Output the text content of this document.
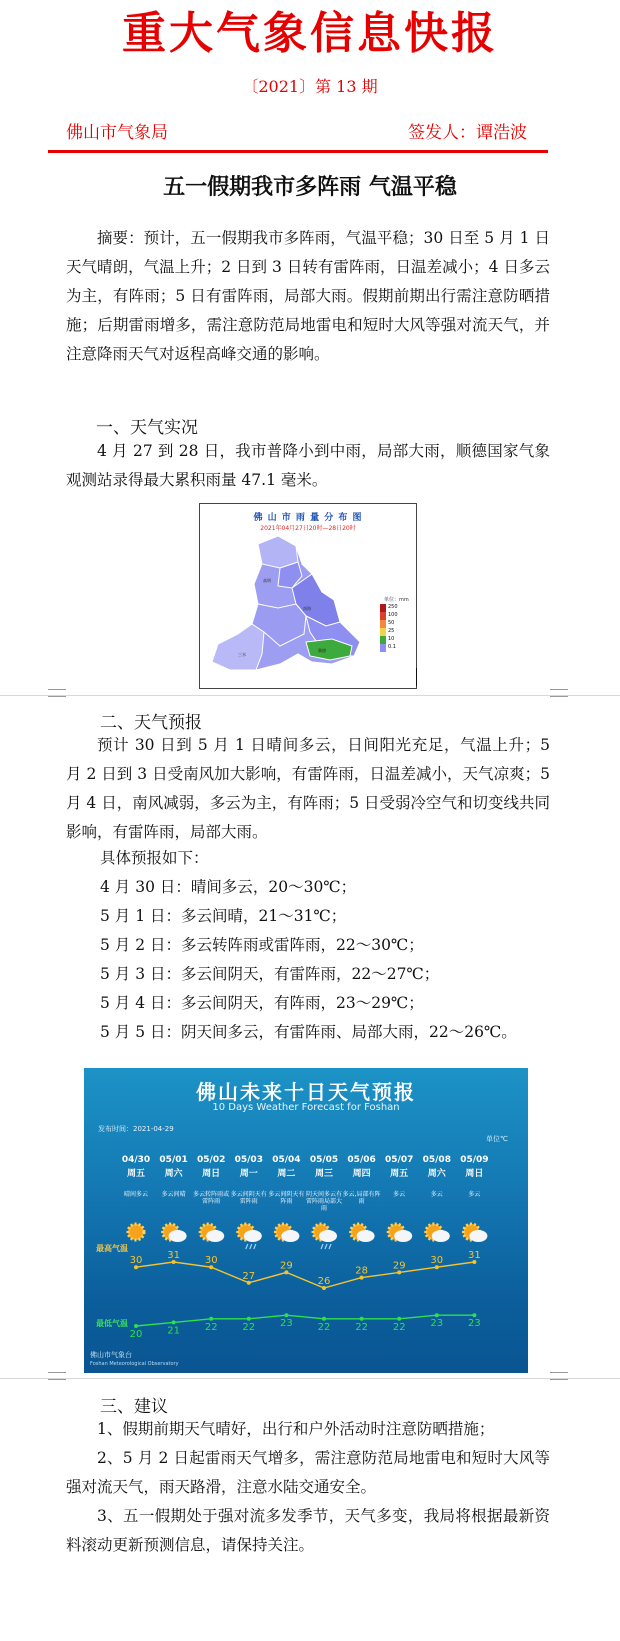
重大气象信息快报
〔2021〕第 13 期
佛山市气象局	签发人：谭浩波
五一假期我市多阵雨 气温平稳

摘要：预计，五一假期我市多阵雨，气温平稳；30 日至 5 月 1 日天气晴朗，气温上升；2 日到 3 日转有雷阵雨，日温差减小；4 日多云为主，有阵雨；5 日有雷阵雨，局部大雨。假期前期出行需注意防晒措施；后期雷雨增多，需注意防范局地雷电和短时大风等强对流天气，并注意降雨天气对返程高峰交通的影响。

一、天气实况

4 月 27 到 28 日，我市普降小到中雨，局部大雨，顺德国家气象观测站录得最大累积雨量 47.1 毫米。

佛 山 市 雨 量 分 布 图
2021年04月27日20时—28日20时
高明
南海
三水
顺德
单位：mm
250
100
50
25
10
0.1
二、天气预报

预计 30 日到 5 月 1 日晴间多云，日间阳光充足，气温上升；5 月 2 日到 3 日受南风加大影响，有雷阵雨，日温差减小，天气凉爽；5 月 4 日，南风减弱，多云为主，有阵雨；5 日受弱冷空气和切变线共同影响，有雷阵雨，局部大雨。

具体预报如下：
4 月 30 日：晴间多云，20～30℃；
5 月 1 日：多云间晴，21～31℃；
5 月 2 日：多云转阵雨或雷阵雨，22～30℃；
5 月 3 日：多云间阴天，有雷阵雨，22～27℃；
5 月 4 日：多云间阴天，有阵雨，23～29℃；
5 月 5 日：阴天间多云，有雷阵雨、局部大雨，22～26℃。
佛山未来十日天气预报
10 Days Weather Forecast for Foshan
发布时间：2021-04-29
单位℃
04/30
周五
晴间多云
05/01
周六
多云间晴
05/02
周日
多云转阵雨或雷阵雨
05/03
周一
多云间阴天有雷阵雨
05/04
周二
多云间阴天有阵雨
05/05
周三
阴天间多云有雷阵雨局部大雨
05/06
周四
多云,局部有阵雨
05/07
周五
多云
05/08
周六
多云
05/09
周日
多云
30 31 30
27
29
26
28 29 30 31
20 21 22 22 23 22 22 22 23 23
最高气温
最低气温
佛山市气象台
Foshan Meteorological Observatory
三、建议

1、假期前期天气晴好，出行和户外活动时注意防晒措施；

2、5 月 2 日起雷雨天气增多，需注意防范局地雷电和短时大风等强对流天气，雨天路滑，注意水陆交通安全。

3、五一假期处于强对流多发季节，天气多变，我局将根据最新资料滚动更新预测信息，请保持关注。
